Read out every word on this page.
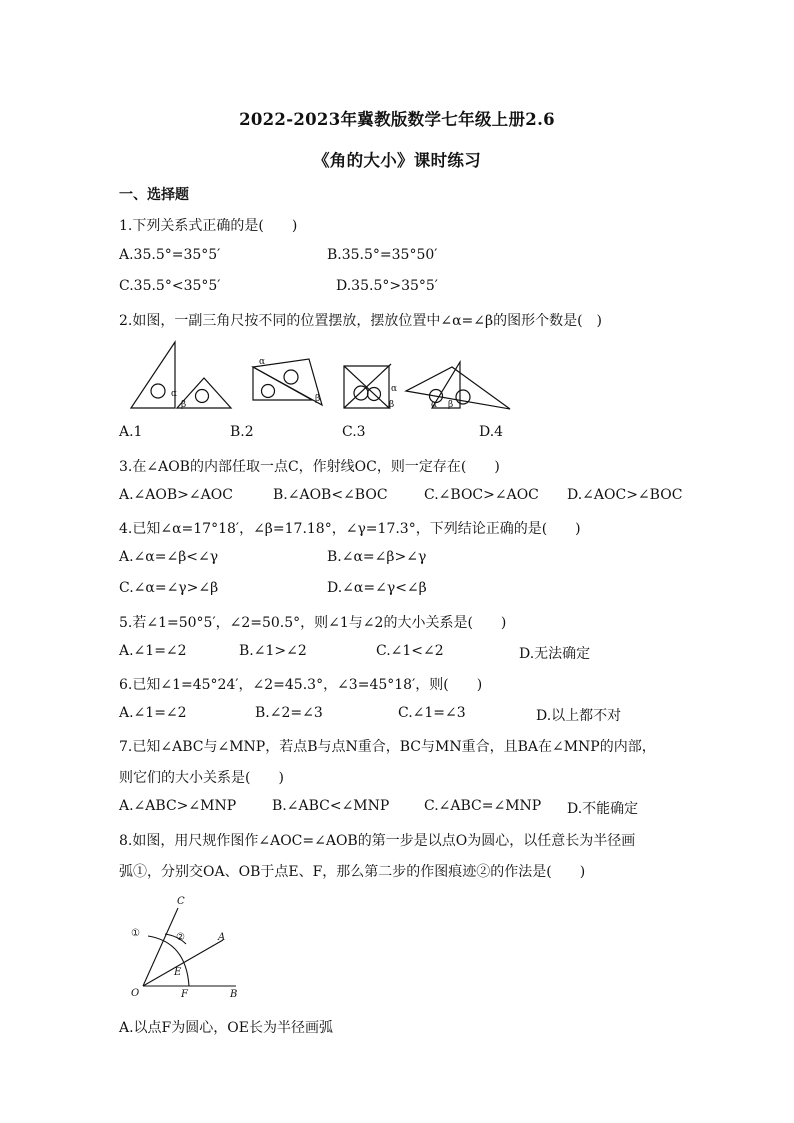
2022-2023年冀教版数学七年级上册2.6
《角的大小》课时练习
一、选择题
1.下列关系式正确的是(　　)
A.35.5°=35°5′	B.35.5°=35°50′
C.35.5°<35°5′	D.35.5°>35°5′
2.如图，一副三角尺按不同的位置摆放，摆放位置中∠α=∠β的图形个数是(　)
α
β
α
β
α
β	α β
A.1	B.2	C.3	D.4
3.在∠AOB的内部任取一点C，作射线OC，则一定存在(　　)
A.∠AOB>∠AOC	B.∠AOB<∠BOC	C.∠BOC>∠AOC D.∠AOC>∠BOC
4.已知∠α=17°18′，∠β=17.18°，∠γ=17.3°，下列结论正确的是(　　)
A.∠α=∠β<∠γ	B.∠α=∠β>∠γ
C.∠α=∠γ>∠β	D.∠α=∠γ<∠β
5.若∠1=50°5′，∠2=50.5°，则∠1与∠2的大小关系是(　　)
A.∠1=∠2	B.∠1>∠2	C.∠1<∠2	D.无法确定
6.已知∠1=45°24′，∠2=45.3°，∠3=45°18′，则(　　)
A.∠1=∠2	B.∠2=∠3	C.∠1=∠3	D.以上都不对
7.已知∠ABC与∠MNP，若点B与点N重合，BC与MN重合，且BA在∠MNP的内部，
则它们的大小关系是(　　)
A.∠ABC>∠MNP	B.∠ABC<∠MNP C.∠ABC=∠MNP D.不能确定
8.如图，用尺规作图作∠AOC=∠AOB的第一步是以点O为圆心，以任意长为半径画
弧①，分别交OA、OB于点E、F，那么第二步的作图痕迹②的作法是(　　)
C
A
E
O	F	B
①	②
A.以点F为圆心，OE长为半径画弧
